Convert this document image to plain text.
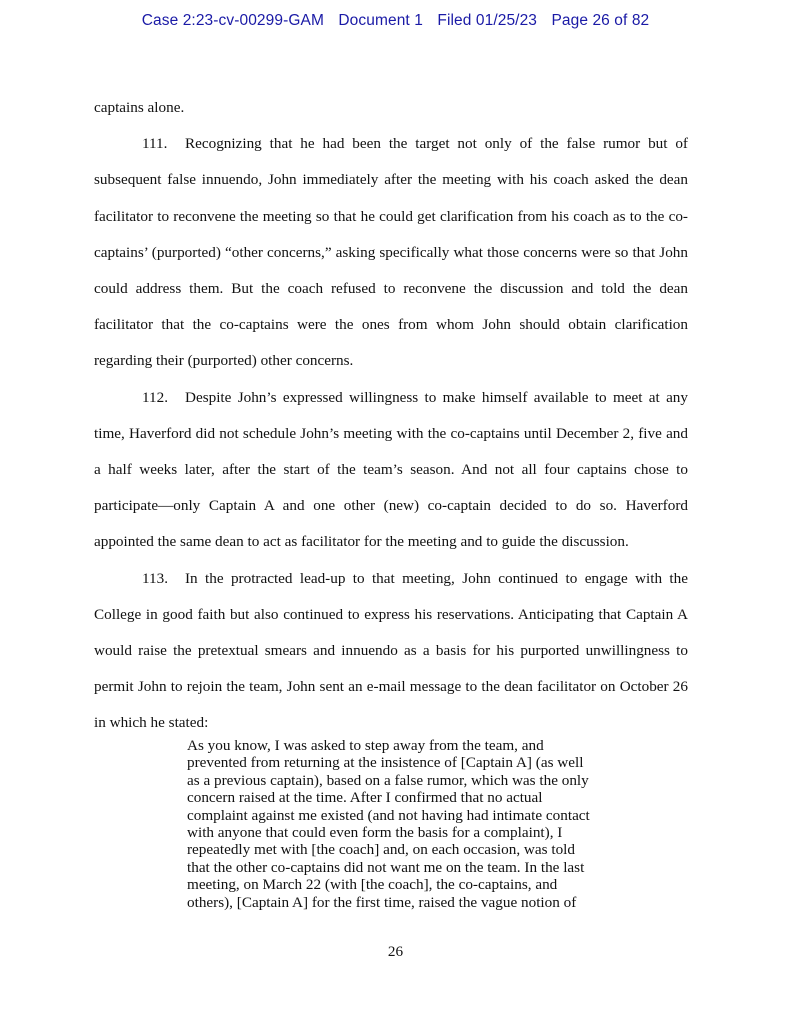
Case 2:23-cv-00299-GAM Document 1 Filed 01/25/23 Page 26 of 82

captains alone.

111. Recognizing that he had been the target not only of the false rumor but of subsequent false innuendo, John immediately after the meeting with his coach asked the dean facilitator to reconvene the meeting so that he could get clarification from his coach as to the co-captains’ (purported) “other concerns,” asking specifically what those concerns were so that John could address them. But the coach refused to reconvene the discussion and told the dean facilitator that the co-captains were the ones from whom John should obtain clarification regarding their (purported) other concerns.

112. Despite John’s expressed willingness to make himself available to meet at any time, Haverford did not schedule John’s meeting with the co-captains until December 2, five and a half weeks later, after the start of the team’s season. And not all four captains chose to participate—only Captain A and one other (new) co-captain decided to do so. Haverford appointed the same dean to act as facilitator for the meeting and to guide the discussion.

113. In the protracted lead-up to that meeting, John continued to engage with the College in good faith but also continued to express his reservations. Anticipating that Captain A would raise the pretextual smears and innuendo as a basis for his purported unwillingness to permit John to rejoin the team, John sent an e-mail message to the dean facilitator on October 26 in which he stated:

As you know, I was asked to step away from the team, and prevented from returning at the insistence of [Captain A] (as well as a previous captain), based on a false rumor, which was the only concern raised at the time. After I confirmed that no actual complaint against me existed (and not having had intimate contact with anyone that could even form the basis for a complaint), I repeatedly met with [the coach] and, on each occasion, was told that the other co-captains did not want me on the team. In the last meeting, on March 22 (with [the coach], the co-captains, and others), [Captain A] for the first time, raised the vague notion of

26
